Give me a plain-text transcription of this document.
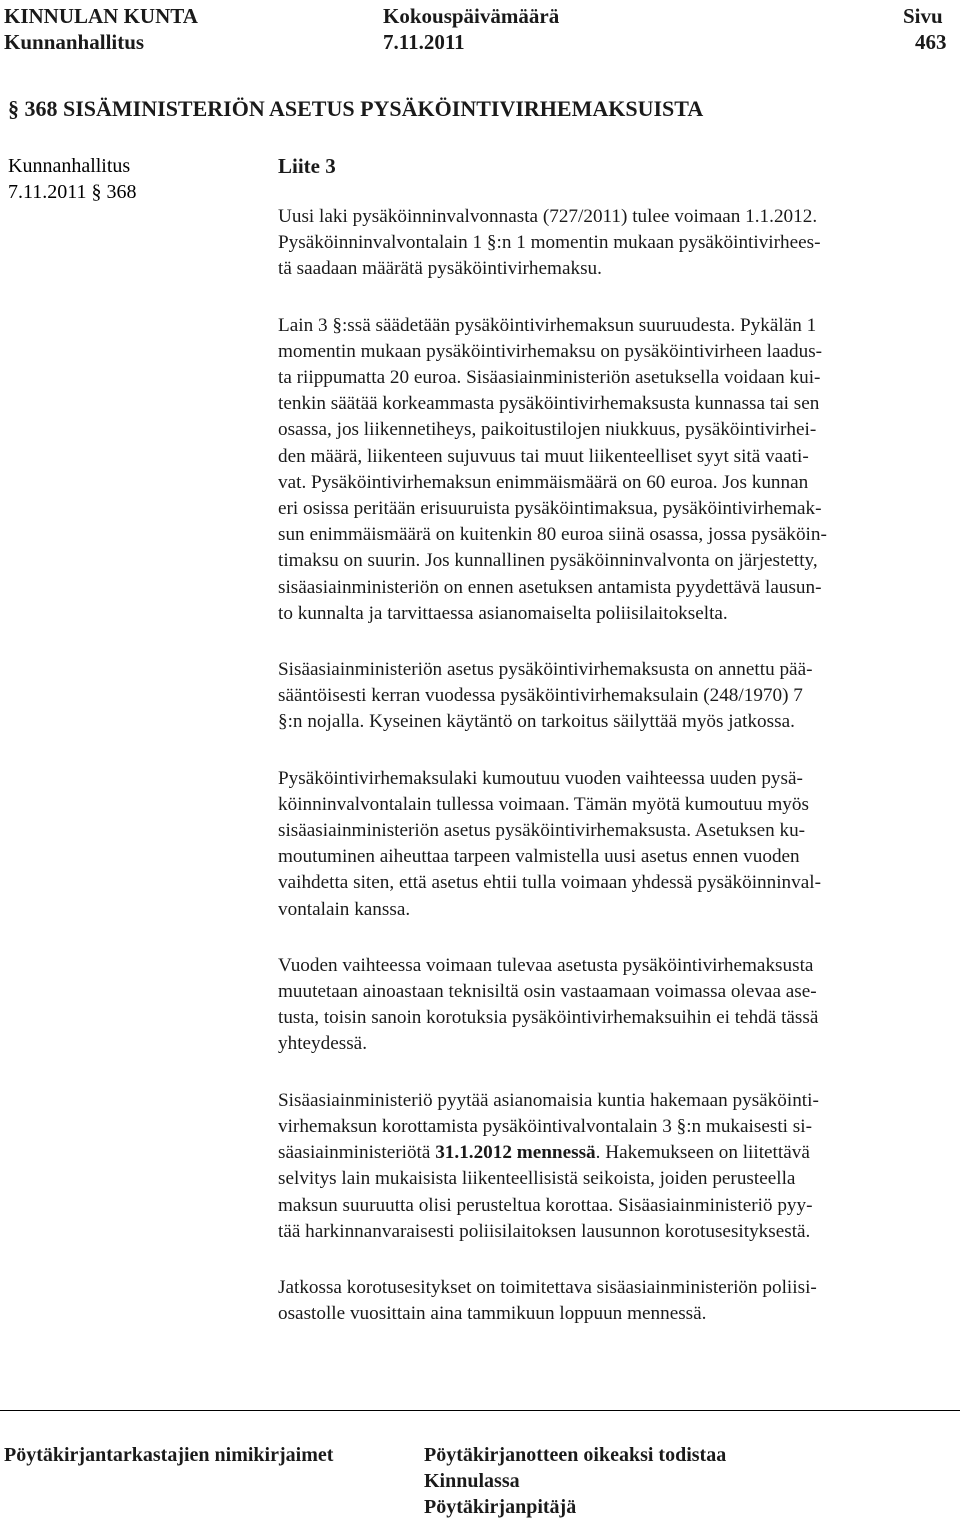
KINNULAN KUNTA
Kunnanhallitus
Kokouspäivämäärä
7.11.2011
Sivu
463
§ 368 SISÄMINISTERIÖN ASETUS PYSÄKÖINTIVIRHEMAKSUISTA
Kunnanhallitus
7.11.2011 § 368
Liite 3

Uusi laki pysäköinninvalvonnasta (727/2011) tulee voimaan 1.1.2012.
Pysäköinninvalvontalain 1 §:n 1 momentin mukaan pysäköintivirhees-
tä saadaan määrätä pysäköintivirhemaksu.

Lain 3 §:ssä säädetään pysäköintivirhemaksun suuruudesta. Pykälän 1
momentin mukaan pysäköintivirhemaksu on pysäköintivirheen laadus-
ta riippumatta 20 euroa. Sisäasiainministeriön asetuksella voidaan kui-
tenkin säätää korkeammasta pysäköintivirhemaksusta kunnassa tai sen
osassa, jos liikennetiheys, paikoitustilojen niukkuus, pysäköintivirhei-
den määrä, liikenteen sujuvuus tai muut liikenteelliset syyt sitä vaati-
vat. Pysäköintivirhemaksun enimmäismäärä on 60 euroa. Jos kunnan
eri osissa peritään erisuuruista pysäköintimaksua, pysäköintivirhemak-
sun enimmäismäärä on kuitenkin 80 euroa siinä osassa, jossa pysäköin-
timaksu on suurin. Jos kunnallinen pysäköinninvalvonta on järjestetty,
sisäasiainministeriön on ennen asetuksen antamista pyydettävä lausun-
to kunnalta ja tarvittaessa asianomaiselta poliisilaitokselta.

Sisäasiainministeriön asetus pysäköintivirhemaksusta on annettu pää-
sääntöisesti kerran vuodessa pysäköintivirhemaksulain (248/1970) 7
§:n nojalla. Kyseinen käytäntö on tarkoitus säilyttää myös jatkossa.

Pysäköintivirhemaksulaki kumoutuu vuoden vaihteessa uuden pysä-
köinninvalvontalain tullessa voimaan. Tämän myötä kumoutuu myös
sisäasiainministeriön asetus pysäköintivirhemaksusta. Asetuksen ku-
moutuminen aiheuttaa tarpeen valmistella uusi asetus ennen vuoden
vaihdetta siten, että asetus ehtii tulla voimaan yhdessä pysäköinninval-
vontalain kanssa.

Vuoden vaihteessa voimaan tulevaa asetusta pysäköintivirhemaksusta
muutetaan ainoastaan teknisiltä osin vastaamaan voimassa olevaa ase-
tusta, toisin sanoin korotuksia pysäköintivirhemaksuihin ei tehdä tässä
yhteydessä.

Sisäasiainministeriö pyytää asianomaisia kuntia hakemaan pysäköinti-
virhemaksun korottamista pysäköintivalvontalain 3 §:n mukaisesti si-
säasiainministeriötä 31.1.2012 mennessä. Hakemukseen on liitettävä
selvitys lain mukaisista liikenteellisistä seikoista, joiden perusteella
maksun suuruutta olisi perusteltua korottaa. Sisäasiainministeriö pyy-
tää harkinnanvaraisesti poliisilaitoksen lausunnon korotusesityksestä.

Jatkossa korotusesitykset on toimitettava sisäasiainministeriön poliisi-
osastolle vuosittain aina tammikuun loppuun mennessä.

Pöytäkirjantarkastajien nimikirjaimet	Pöytäkirjanotteen oikeaksi todistaa
Kinnulassa
Pöytäkirjanpitäjä
